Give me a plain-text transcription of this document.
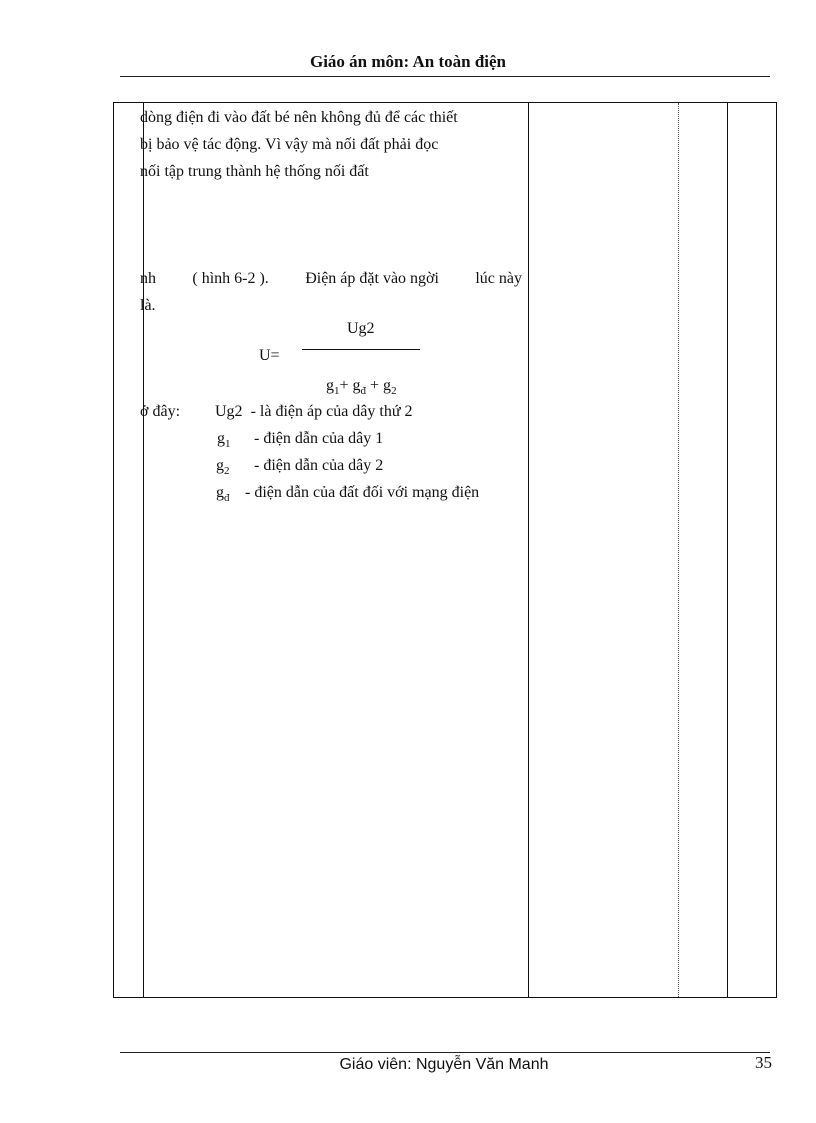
Giáo án môn: An toàn điện
dòng điện đi vào đất bé nên không đủ để các thiết
bị bảo vệ tác động. Vì vậy mà nối đất phải đọc
nối tập trung thành hệ thống nối đất
nh ( hình 6-2 ). Điện áp đặt vào ngời lúc này
là.
Ug2
U=
$g_1+ g_đ + g_2$
ở đây: Ug2 - là điện áp của dây thứ 2
$g_1$ - điện dẫn của dây 1
$g_2$ - điện dẫn của dây 2
$g_đ$ - điện dẫn của đất đối với mạng điện
Giáo viên: Nguyễn Văn Manh	35
